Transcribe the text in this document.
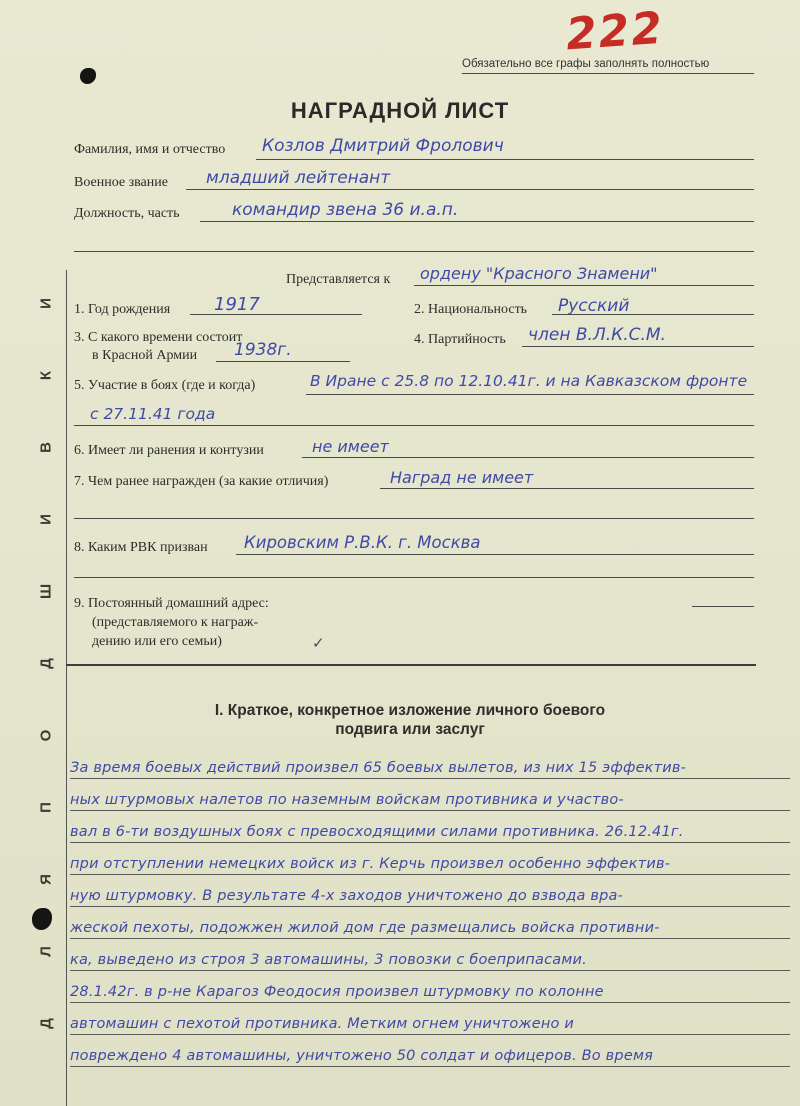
222
Обязательно все графы заполнять полностью
Д
Л
Я
П
О
Д
Ш
И
В
К
И
НАГРАДНОЙ ЛИСТ
Фамилия, имя и отчество Козлов Дмитрий Фролович
Военное звание младший лейтенант
Должность, часть	командир звена 36 и.а.п.
Представляется к ордену "Красного Знамени"
1. Год рождения 1917	2. Национальность Русский
3. С какого времени состоит
в Красной Армии 1938г.
4. Партийность член В.Л.К.С.М.
5. Участие в боях (где и когда)	В Иране с 25.8 по 12.10.41г. и на Кавказском фронте
с 27.11.41 года
6. Имеет ли ранения и контузии	не имеет
7. Чем ранее награжден (за какие отличия)	Наград не имеет
8. Каким РВК призван Кировским Р.В.К. г. Москва
9. Постоянный домашний адрес:
(представляемого к награж-
дению или его семьи)	✓
I. Краткое, конкретное изложение личного боевого
подвига или заслуг
За время боевых действий произвел 65 боевых вылетов, из них 15 эффектив-
ных штурмовых налетов по наземным войскам противника и участво-
вал в 6-ти воздушных боях с превосходящими силами противника. 26.12.41г.
при отступлении немецких войск из г. Керчь произвел особенно эффектив-
ную штурмовку. В результате 4-х заходов уничтожено до взвода вра-
жеской пехоты, подожжен жилой дом где размещались войска противни-
ка, выведено из строя 3 автомашины, 3 повозки с боеприпасами.
28.1.42г. в р-не Карагоз Феодосия произвел штурмовку по колонне
автомашин с пехотой противника. Метким огнем уничтожено и
повреждено 4 автомашины, уничтожено 50 солдат и офицеров. Во время
